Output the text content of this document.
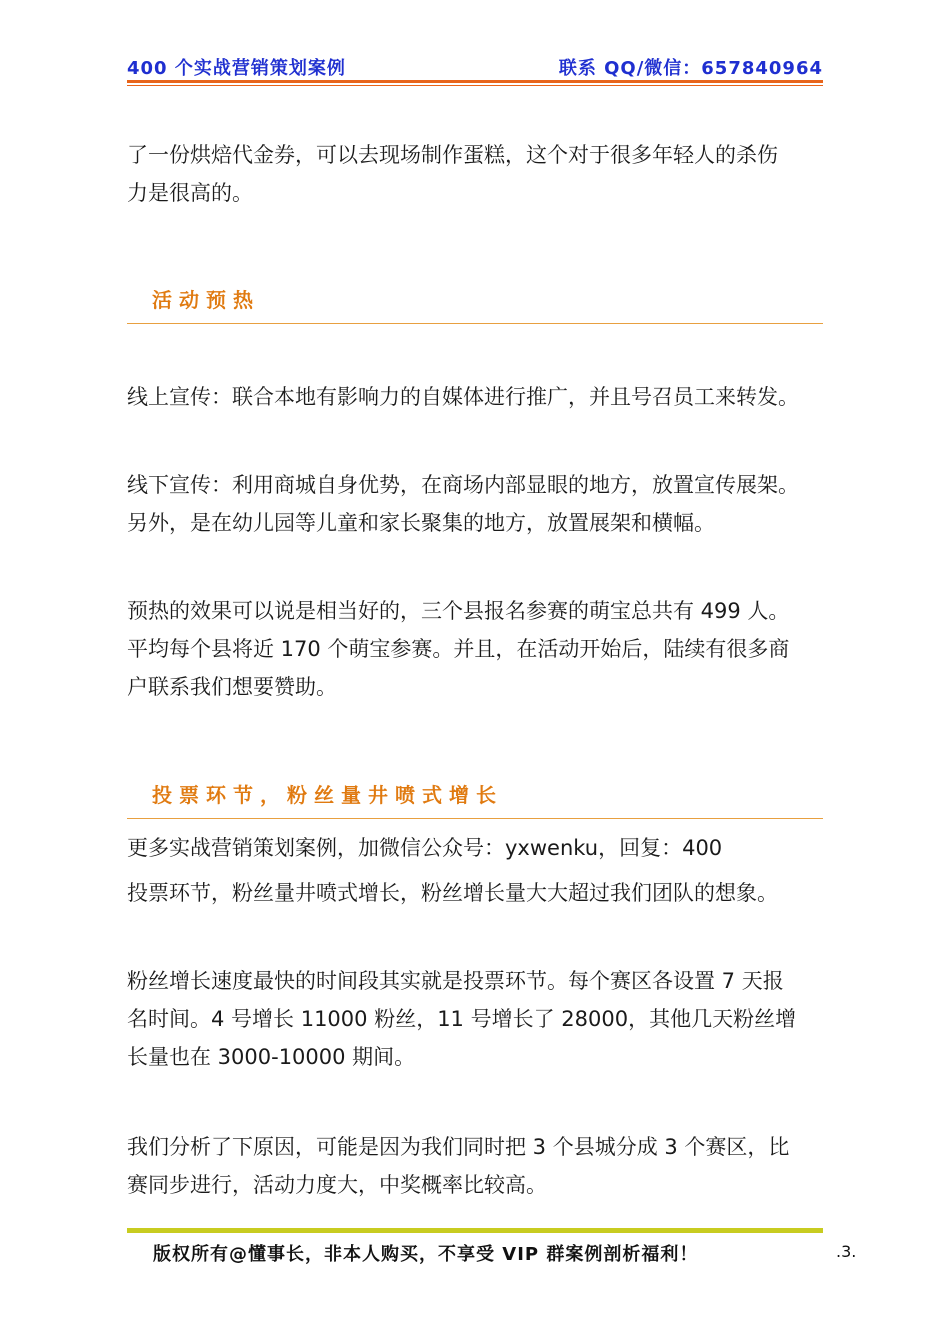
400 个实战营销策划案例	联系 QQ/微信：657840964

了一份烘焙代金券，可以去现场制作蛋糕，这个对于很多年轻人的杀伤
力是很高的。

活动预热

线上宣传：联合本地有影响力的自媒体进行推广，并且号召员工来转发。

线下宣传：利用商城自身优势，在商场内部显眼的地方，放置宣传展架。
另外，是在幼儿园等儿童和家长聚集的地方，放置展架和横幅。

预热的效果可以说是相当好的，三个县报名参赛的萌宝总共有 499 人。
平均每个县将近 170 个萌宝参赛。并且，在活动开始后，陆续有很多商
户联系我们想要赞助。

投票环节，粉丝量井喷式增长

更多实战营销策划案例，加微信公众号：yxwenku，回复：400
投票环节，粉丝量井喷式增长，粉丝增长量大大超过我们团队的想象。

粉丝增长速度最快的时间段其实就是投票环节。每个赛区各设置 7 天报
名时间。4 号增长 11000 粉丝，11 号增长了 28000，其他几天粉丝增
长量也在 3000-10000 期间。

我们分析了下原因，可能是因为我们同时把 3 个县城分成 3 个赛区，比
赛同步进行，活动力度大，中奖概率比较高。

版权所有@懂事长，非本人购买，不享受 VIP 群案例剖析福利！	.3.
